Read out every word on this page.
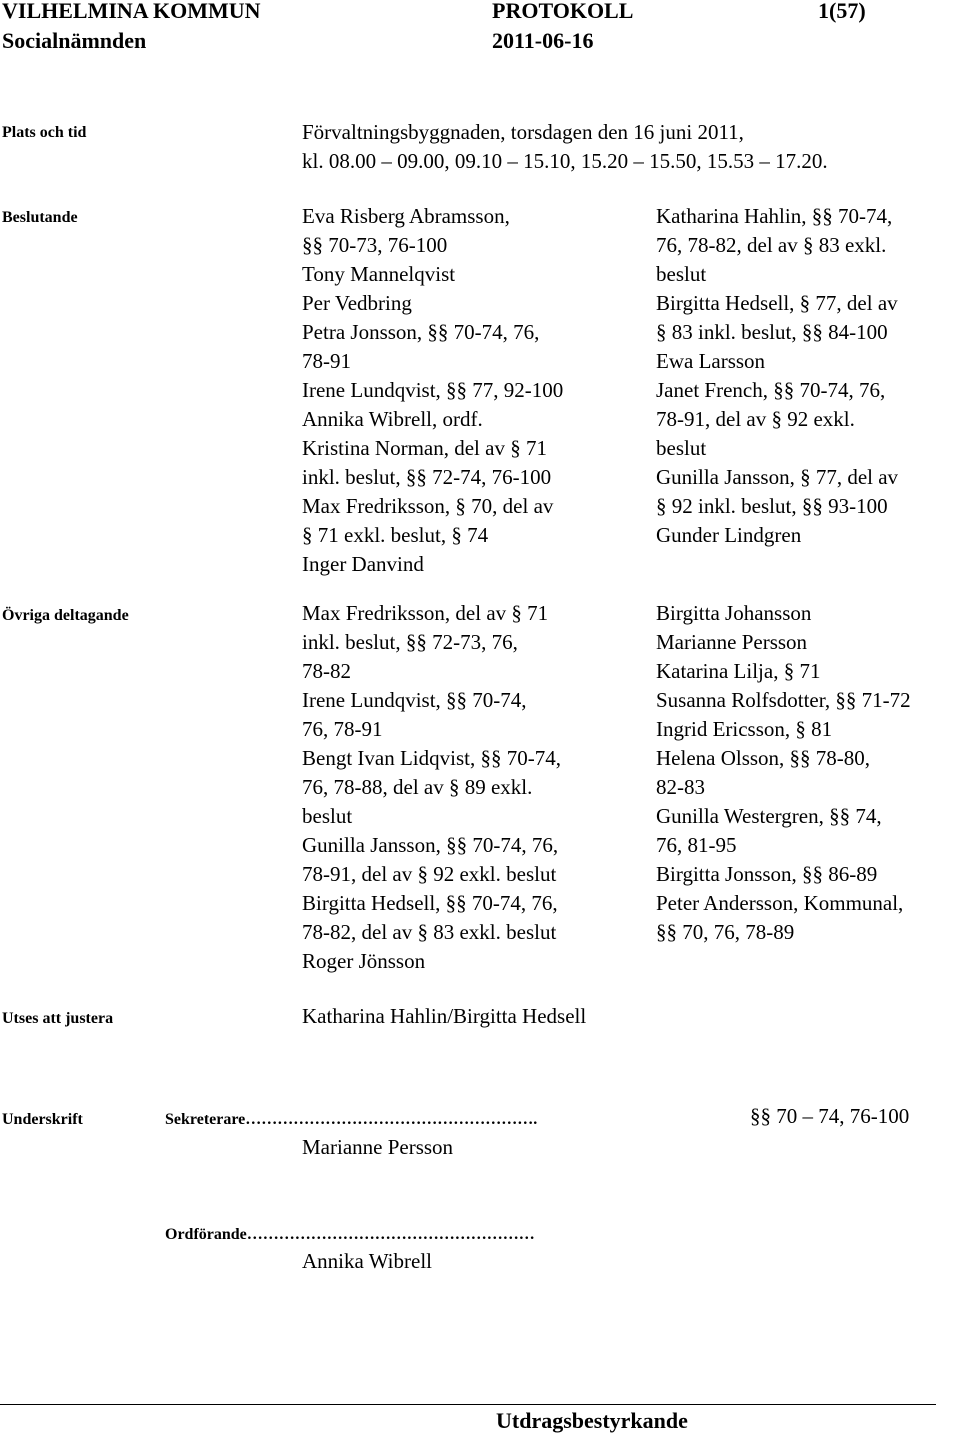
VILHELMINA KOMMUN	PROTOKOLL	1(57)
Socialnämnden	2011-06-16
Plats och tid	Förvaltningsbyggnaden, torsdagen den 16 juni 2011,
kl. 08.00 – 09.00, 09.10 – 15.10, 15.20 – 15.50, 15.53 – 17.20.
Beslutande	Eva Risberg Abramsson,
§§ 70-73, 76-100
Tony Mannelqvist
Per Vedbring
Petra Jonsson, §§ 70-74, 76,
78-91
Irene Lundqvist, §§ 77, 92-100
Annika Wibrell, ordf.
Kristina Norman, del av § 71
inkl. beslut, §§ 72-74, 76-100
Max Fredriksson, § 70, del av
§ 71 exkl. beslut, § 74
Inger Danvind
Katharina Hahlin, §§ 70-74,
76, 78-82, del av § 83 exkl.
beslut
Birgitta Hedsell, § 77, del av
§ 83 inkl. beslut, §§ 84-100
Ewa Larsson
Janet French, §§ 70-74, 76,
78-91, del av § 92 exkl.
beslut
Gunilla Jansson, § 77, del av
§ 92 inkl. beslut, §§ 93-100
Gunder Lindgren
Övriga deltagande	Max Fredriksson, del av § 71
inkl. beslut, §§ 72-73, 76,
78-82
Irene Lundqvist, §§ 70-74,
76, 78-91
Bengt Ivan Lidqvist, §§ 70-74,
76, 78-88, del av § 89 exkl.
beslut
Gunilla Jansson, §§ 70-74, 76,
78-91, del av § 92 exkl. beslut
Birgitta Hedsell, §§ 70-74, 76,
78-82, del av § 83 exkl. beslut
Roger Jönsson
Birgitta Johansson
Marianne Persson
Katarina Lilja, § 71
Susanna Rolfsdotter, §§ 71-72
Ingrid Ericsson, § 81
Helena Olsson, §§ 78-80,
82-83
Gunilla Westergren, §§ 74,
76, 81-95
Birgitta Jonsson, §§ 86-89
Peter Andersson, Kommunal,
§§ 70, 76, 78-89
Utses att justera	Katharina Hahlin/Birgitta Hedsell
Underskrift	Sekreterare……………………………………………….	§§ 70 – 74, 76-100
Marianne Persson
Ordförande………………………………………………
Annika Wibrell
Utdragsbestyrkande
